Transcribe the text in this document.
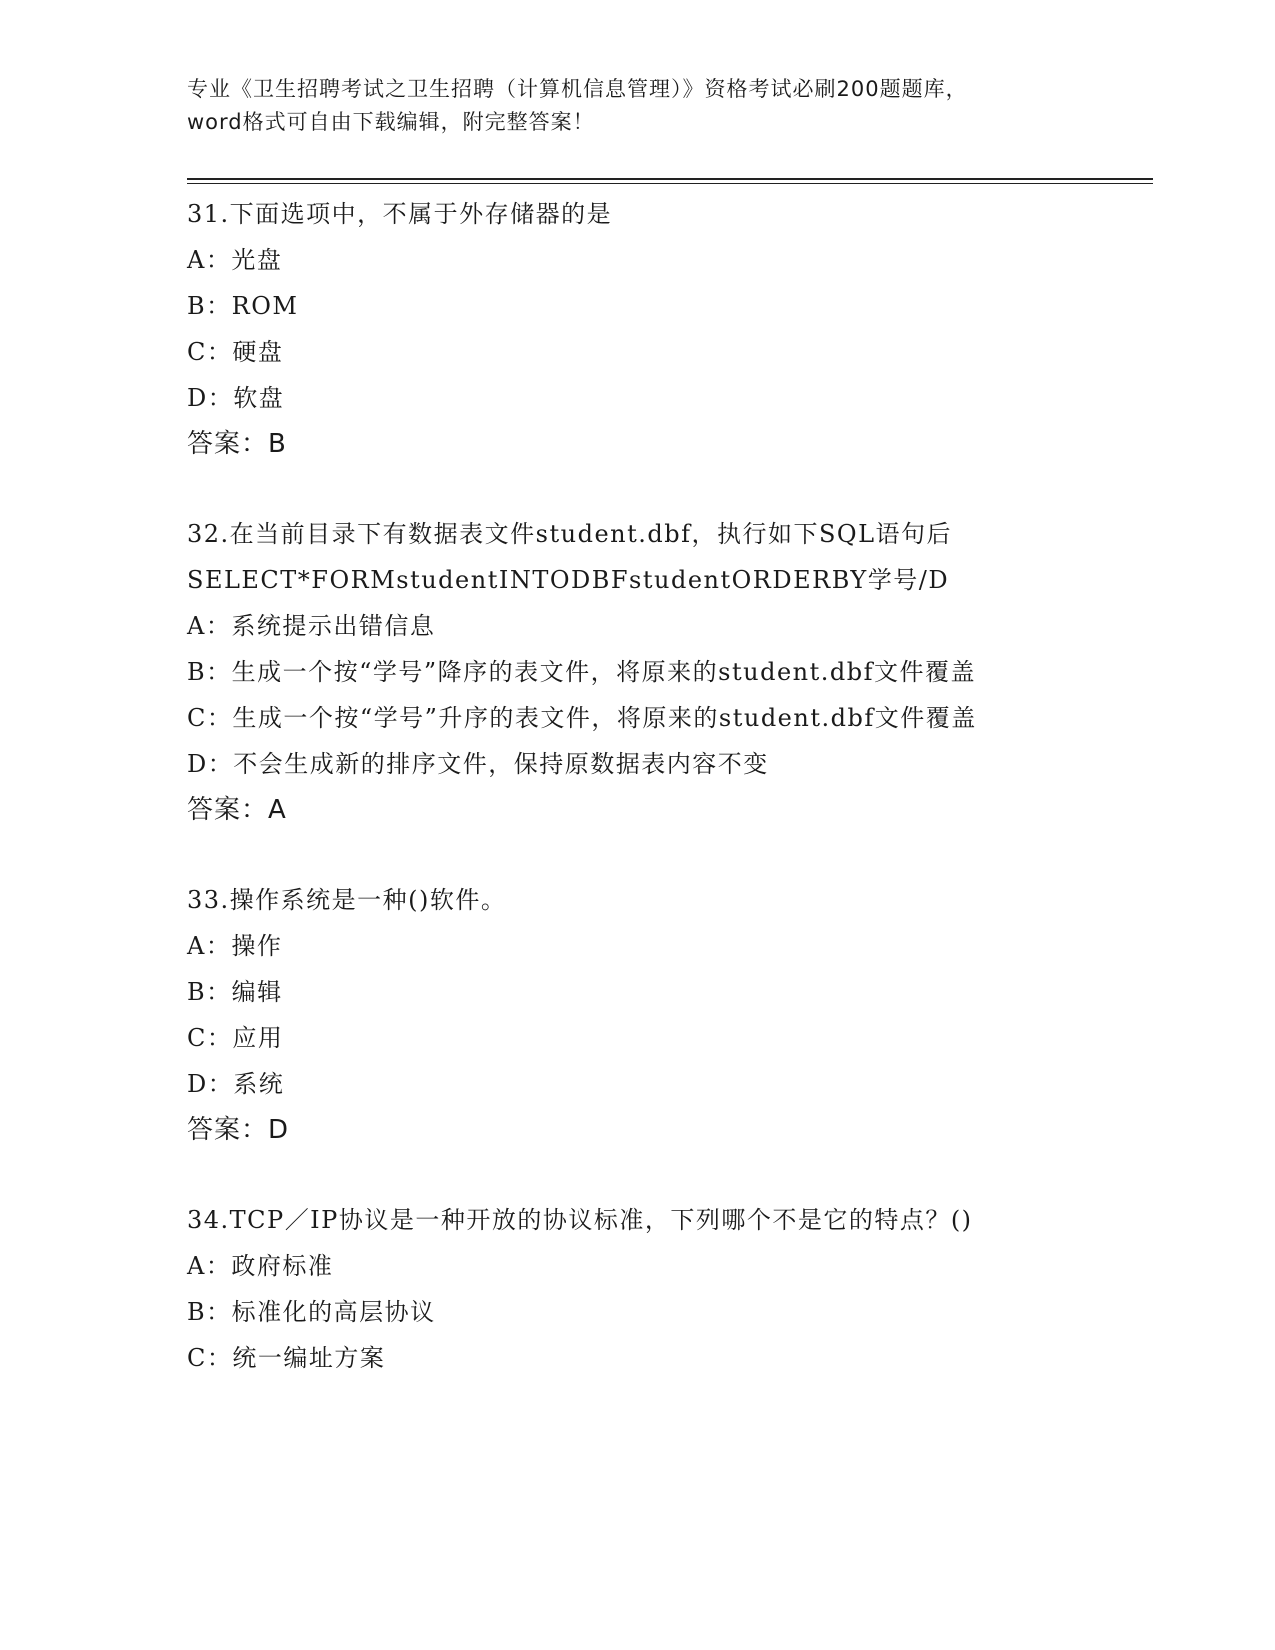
专业《卫生招聘考试之卫生招聘（计算机信息管理）》资格考试必刷200题题库，
word格式可自由下载编辑，附完整答案！
31.下面选项中，不属于外存储器的是
A：光盘
B：ROM
C：硬盘
D：软盘
答案：B
32.在当前目录下有数据表文件student.dbf，执行如下SQL语句后
SELECT*FORMstudentINTODBFstudentORDERBY学号/D
A：系统提示出错信息
B：生成一个按“学号”降序的表文件，将原来的student.dbf文件覆盖
C：生成一个按“学号”升序的表文件，将原来的student.dbf文件覆盖
D：不会生成新的排序文件，保持原数据表内容不变
答案：A
33.操作系统是一种()软件。
A：操作
B：编辑
C：应用
D：系统
答案：D
34.TCP／IP协议是一种开放的协议标准，下列哪个不是它的特点？()
A：政府标准
B：标准化的高层协议
C：统一编址方案
